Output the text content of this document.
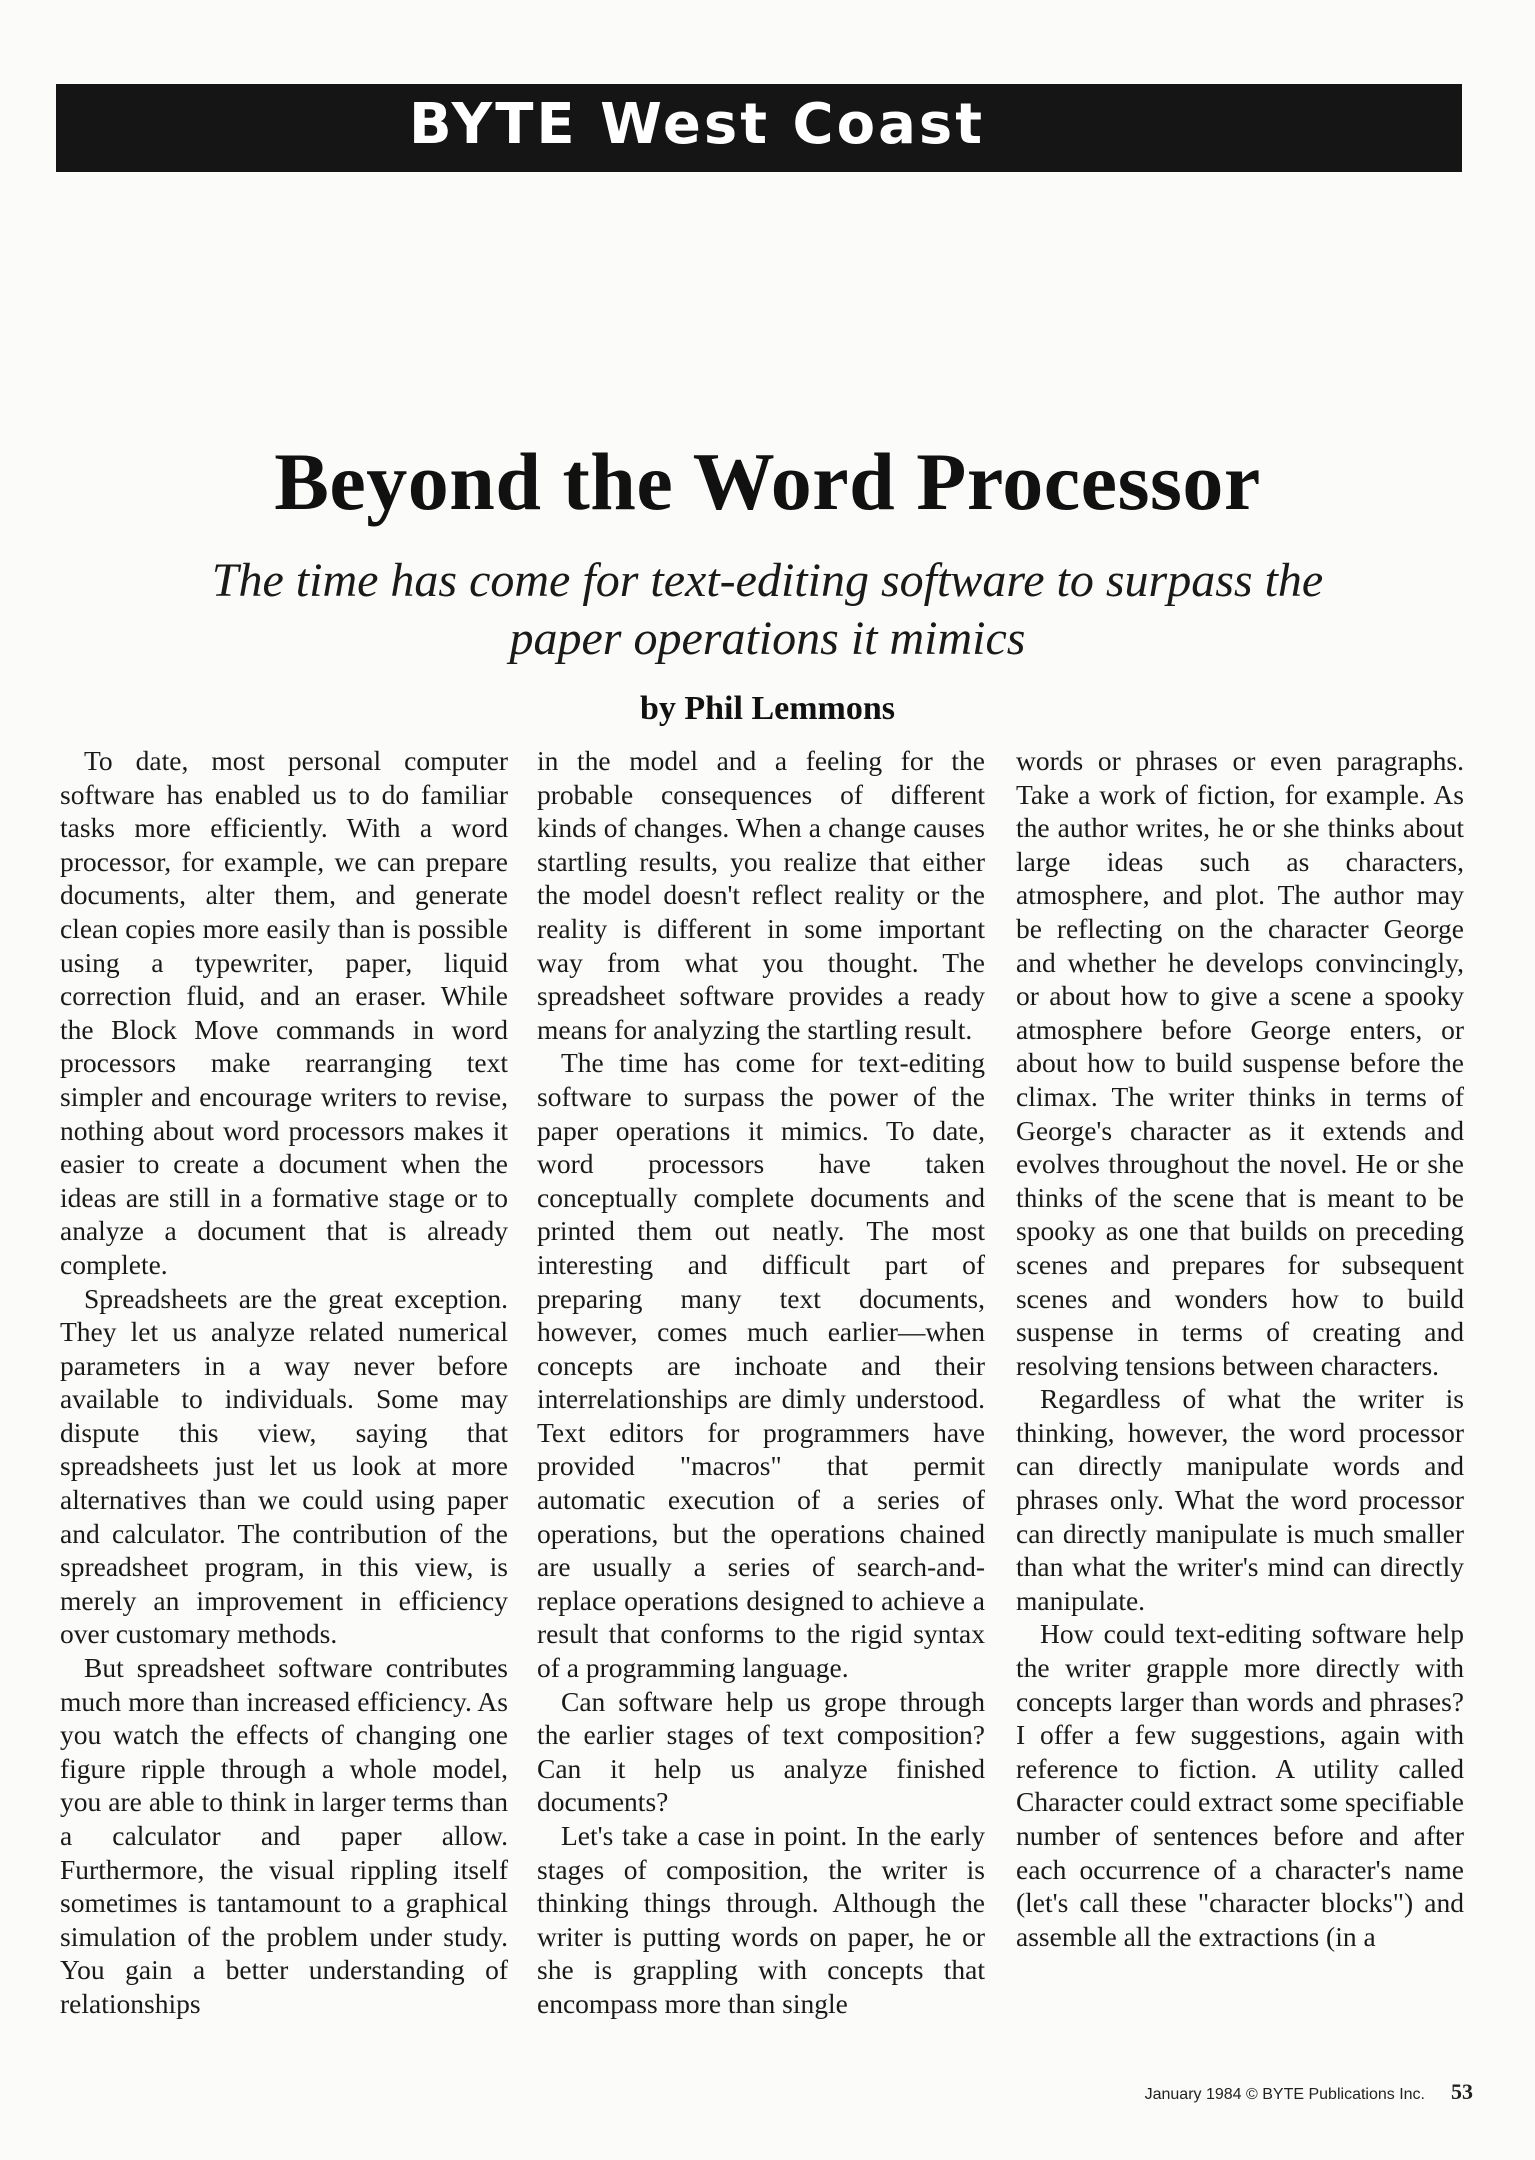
BYTE West Coast
Beyond the Word Processor

The time has come for text-editing software to surpass the paper operations it mimics

by Phil Lemmons

To date, most personal computer software has enabled us to do familiar tasks more efficiently. With a word processor, for example, we can prepare documents, alter them, and generate clean copies more easily than is possible using a typewriter, paper, liquid correction fluid, and an eraser. While the Block Move commands in word processors make rearranging text simpler and encourage writers to revise, nothing about word processors makes it easier to create a document when the ideas are still in a formative stage or to analyze a document that is already complete.

Spreadsheets are the great exception. They let us analyze related numerical parameters in a way never before available to individuals. Some may dispute this view, saying that spreadsheets just let us look at more alternatives than we could using paper and calculator. The contribution of the spreadsheet program, in this view, is merely an improvement in efficiency over customary methods.

But spreadsheet software contributes much more than increased efficiency. As you watch the effects of changing one figure ripple through a whole model, you are able to think in larger terms than a calculator and paper allow. Furthermore, the visual rippling itself sometimes is tantamount to a graphical simulation of the problem under study. You gain a better understanding of relationships

in the model and a feeling for the probable consequences of different kinds of changes. When a change causes startling results, you realize that either the model doesn't reflect reality or the reality is different in some important way from what you thought. The spreadsheet software provides a ready means for analyzing the startling result.

The time has come for text-editing software to surpass the power of the paper operations it mimics. To date, word processors have taken conceptually complete documents and printed them out neatly. The most interesting and difficult part of preparing many text documents, however, comes much earlier—when concepts are inchoate and their interrelationships are dimly understood. Text editors for programmers have provided "macros" that permit automatic execution of a series of operations, but the operations chained are usually a series of search-and-replace operations designed to achieve a result that conforms to the rigid syntax of a programming language.

Can software help us grope through the earlier stages of text composition? Can it help us analyze finished documents?

Let's take a case in point. In the early stages of composition, the writer is thinking things through. Although the writer is putting words on paper, he or she is grappling with concepts that encompass more than single

words or phrases or even paragraphs. Take a work of fiction, for example. As the author writes, he or she thinks about large ideas such as characters, atmosphere, and plot. The author may be reflecting on the character George and whether he develops convincingly, or about how to give a scene a spooky atmosphere before George enters, or about how to build suspense before the climax. The writer thinks in terms of George's character as it extends and evolves throughout the novel. He or she thinks of the scene that is meant to be spooky as one that builds on preceding scenes and prepares for subsequent scenes and wonders how to build suspense in terms of creating and resolving tensions between characters.

Regardless of what the writer is thinking, however, the word processor can directly manipulate words and phrases only. What the word processor can directly manipulate is much smaller than what the writer's mind can directly manipulate.

How could text-editing software help the writer grapple more directly with concepts larger than words and phrases? I offer a few suggestions, again with reference to fiction. A utility called Character could extract some specifiable number of sentences before and after each occurrence of a character's name (let's call these "character blocks") and assemble all the extractions (in a

January 1984 © BYTE Publications Inc. 53
